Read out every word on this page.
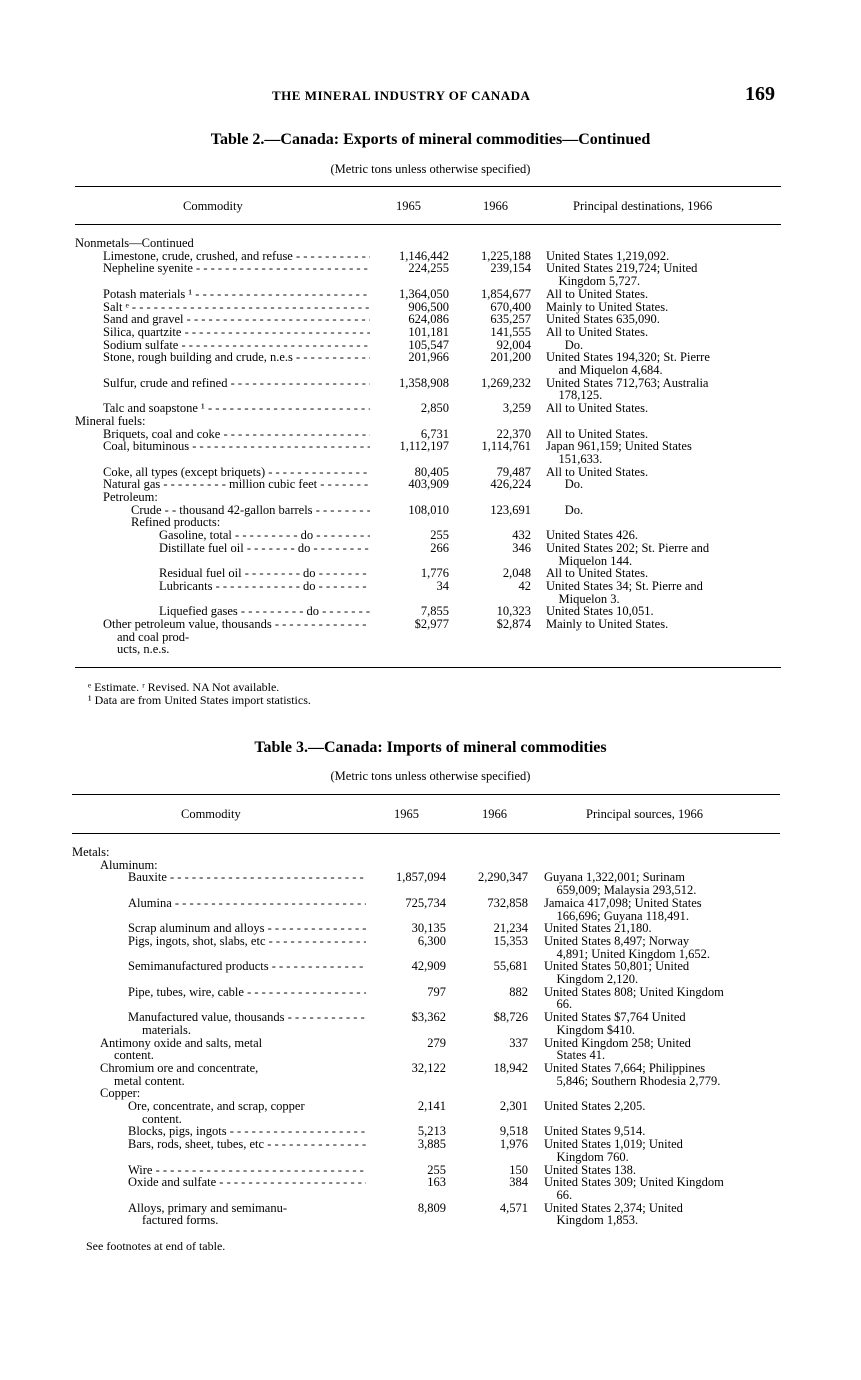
THE MINERAL INDUSTRY OF CANADA	169
Table 2.—Canada: Exports of mineral commodities—Continued
(Metric tons unless otherwise specified)
Commodity	1965	1966	Principal destinations, 1966
Nonmetals—Continued
Limestone, crude, crushed, and refuse - - -	1,146,442	1,225,188 United States 1,219,092.
Nepheline syenite - - -	224,255	239,154 United States 219,724; United
Kingdom 5,727.
Potash materials ¹ - - -	1,364,050	1,854,677 All to United States.
Salt ᵉ - - -	906,500	670,400 Mainly to United States.
Sand and gravel - - -	624,086	635,257 United States 635,090.
Silica, quartzite - - -	101,181	141,555 All to United States.
Sodium sulfate - - -	105,547	92,004 Do.
Stone, rough building and crude, n.e.s - - -	201,966	201,200 United States 194,320; St. Pierre
and Miquelon 4,684.
Sulfur, crude and refined - - -	1,358,908	1,269,232 United States 712,763; Australia
178,125.
Talc and soapstone ¹ - - -	2,850	3,259 All to United States.
Mineral fuels:
Briquets, coal and coke - - -	6,731	22,370 All to United States.
Coal, bituminous - - -	1,112,197	1,114,761 Japan 961,159; United States
151,633.
Coke, all types (except briquets) - - -	80,405	79,487 All to United States.
Natural gas - - - - - - - - - million cubic feet - - -	403,909	426,224 Do.
Petroleum:
Crude - - thousand 42-gallon barrels - - -	108,010	123,691 Do.
Refined products:
Gasoline, total - - - - - - - - - do - - -	255	432 United States 426.
Distillate fuel oil - - - - - - - do - - -	266	346 United States 202; St. Pierre and
Miquelon 144.
Residual fuel oil - - - - - - - - do - - -	1,776	2,048 All to United States.
Lubricants - - - - - - - - - - - - do - - -	34	42 United States 34; St. Pierre and
Miquelon 3.
Liquefied gases - - - - - - - - - do - - -	7,855	10,323 United States 10,051.
Other petroleum value, thousands - - -	$2,977	$2,874 Mainly to United States.
and coal prod-
ucts, n.e.s.
ᵉ Estimate. ʳ Revised. NA Not available.
¹ Data are from United States import statistics.
Table 3.—Canada: Imports of mineral commodities
(Metric tons unless otherwise specified)
Commodity	1965	1966	Principal sources, 1966
Metals:
Aluminum:
Bauxite - - -	1,857,094	2,290,347 Guyana 1,322,001; Surinam
659,009; Malaysia 293,512.
Alumina - - -	725,734	732,858 Jamaica 417,098; United States
166,696; Guyana 118,491.
Scrap aluminum and alloys - - -	30,135	21,234 United States 21,180.
Pigs, ingots, shot, slabs, etc - - -	6,300	15,353 United States 8,497; Norway
4,891; United Kingdom 1,652.
Semimanufactured products - - -	42,909	55,681 United States 50,801; United
Kingdom 2,120.
Pipe, tubes, wire, cable - - -	797	882 United States 808; United Kingdom
66.
Manufactured value, thousands - - -	$3,362	$8,726 United States $7,764 United
materials.	Kingdom $410.
Antimony oxide and salts, metal	279	337 United Kingdom 258; United
content.	States 41.
Chromium ore and concentrate,	32,122	18,942 United States 7,664; Philippines
metal content.	5,846; Southern Rhodesia 2,779.
Copper:
Ore, concentrate, and scrap, copper	2,141	2,301 United States 2,205.
content.
Blocks, pigs, ingots - - -	5,213	9,518 United States 9,514.
Bars, rods, sheet, tubes, etc - - -	3,885	1,976 United States 1,019; United
Kingdom 760.
Wire - - -	255	150 United States 138.
Oxide and sulfate - - -	163	384 United States 309; United Kingdom
66.
Alloys, primary and semimanu-	8,809	4,571 United States 2,374; United
factured forms.	Kingdom 1,853.
See footnotes at end of table.
